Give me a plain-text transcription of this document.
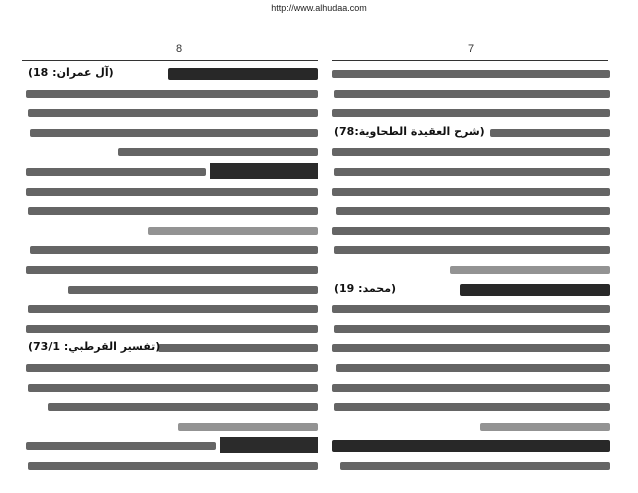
http://www.alhudaa.com
8	7
(18 :آل عمران)
(73/1 :تفسير القرطبي)
(شرح العقيدة الطحاوية:78)
(19 :محمد)
